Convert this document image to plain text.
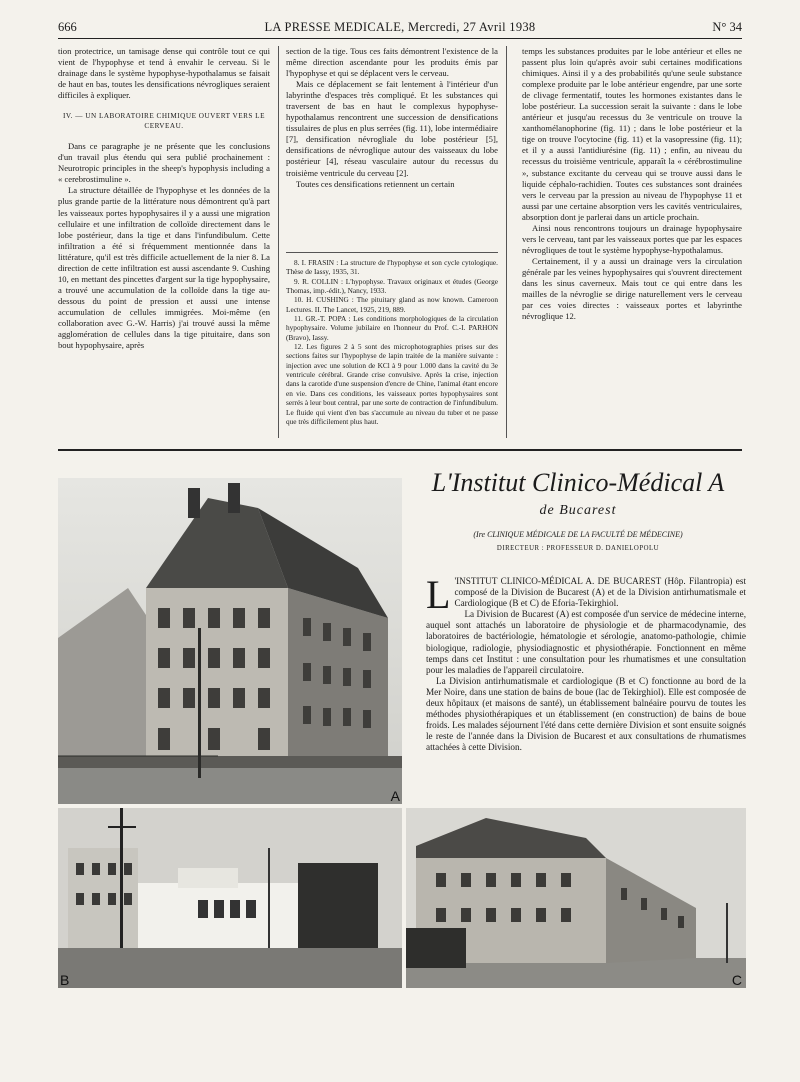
666	LA PRESSE MEDICALE, Mercredi, 27 Avril 1938	N° 34

tion protectrice, un tamisage dense qui contrôle tout ce qui vient de l'hypophyse et tend à envahir le cerveau. Si le drainage dans le système hypophyse-hypothalamus se faisait de haut en bas, toutes les densifications névrogliques seraient difficiles à expliquer.

IV. — UN LABORATOIRE CHIMIQUE OUVERT VERS LE CERVEAU.

Dans ce paragraphe je ne présente que les conclusions d'un travail plus étendu qui sera publié prochainement : Neurotropic principles in the sheep's hypophysis including a « cerebrostimuline ».

La structure détaillée de l'hypophyse et les données de la plus grande partie de la littérature nous démontrent qu'à part les vaisseaux portes hypophysaires il y a aussi une migration cellulaire et une infiltration de colloïde directement dans le lobe postérieur, dans la tige et dans l'infundibulum. Cette infiltration a été si fréquemment mentionnée dans la littérature, qu'il est très difficile actuellement de la nier 8. La direction de cette infiltration est aussi ascendante 9. Cushing 10, en mettant des pincettes d'argent sur la tige hypophysaire, a trouvé une accumulation de la colloïde dans la tige au-dessous du point de pression et aussi une intense accumulation de cellules immigrées. Moi-même (en collaboration avec G.-W. Harris) j'ai trouvé aussi la même agglomération de cellules dans la tige pituitaire, dans son bout hypophysaire, après

section de la tige. Tous ces faits démontrent l'existence de la même direction ascendante pour les produits émis par l'hypophyse et qui se déplacent vers le cerveau.

Mais ce déplacement se fait lentement à l'intérieur d'un labyrinthe d'espaces très compliqué. Et les substances qui traversent de bas en haut le complexus hypophyse-hypothalamus rencontrent une succession de densifications tissulaires de plus en plus serrées (fig. 11), lobe intermédiaire [7], densification névrogliale du lobe postérieur [5], densifications de névroglique autour des vaisseaux du lobe postérieur [4], réseau vasculaire autour du recessus du troisième ventricule du cerveau [2].

Toutes ces densifications retiennent un certain

8. I. FRASIN : La structure de l'hypophyse et son cycle cytologique. Thèse de Iassy, 1935, 31.

9. R. COLLIN : L'hypophyse. Travaux originaux et études (George Thomas, imp.-édit.), Nancy, 1933.

10. H. CUSHING : The pituitary gland as now known. Cameroon Lectures. II. The Lancet, 1925, 219, 889.

11. GR.-T. POPA : Les conditions morphologiques de la circulation hypophysaire. Volume jubilaire en l'honneur du Prof. C.-I. PARHON (Bravo), Iassy.

12. Les figures 2 à 5 sont des microphotographies prises sur des sections faites sur l'hypophyse de lapin traitée de la manière suivante : injection avec une solution de KCl à 9 pour 1.000 dans la cavité du 3e ventricule cérébral. Grande crise convulsive. Après la crise, injection dans la carotide d'une suspension d'encre de Chine, l'animal étant encore en vie. Dans ces conditions, les vaisseaux portes hypophysaires sont serrés à leur bout central, par une sorte de contraction de l'infundibulum. Le fluide qui vient d'en bas s'accumule au niveau du tuber et ne passe que très difficilement plus haut.

temps les substances produites par le lobe antérieur et elles ne passent plus loin qu'après avoir subi certaines modifications chimiques. Ainsi il y a des probabilités qu'une seule substance complexe produite par le lobe antérieur engendre, par une sorte de clivage fermentatif, toutes les hormones existantes dans le lobe postérieur. La succession serait la suivante : dans le lobe antérieur et jusqu'au recessus du 3e ventricule on trouve la xanthomélanophorine (fig. 11) ; dans le lobe postérieur et la tige on trouve l'ocytocine (fig. 11) et la vasopressine (fig. 11); et il y a aussi l'antidiurésine (fig. 11) ; enfin, au niveau du recessus du troisième ventricule, apparaît la « cérébrostimuline », substance excitante du cerveau qui se trouve aussi dans le liquide céphalo-rachidien. Toutes ces substances sont drainées vers le cerveau par la pression au niveau de l'hypophyse 11 et aussi par une certaine absorption vers les cavités ventriculaires, absorption dont je parlerai dans un article prochain.

Ainsi nous rencontrons toujours un drainage hypophysaire vers le cerveau, tant par les vaisseaux portes que par les espaces névrogliques de tout le système hypophyse-hypothalamus.

Certainement, il y a aussi un drainage vers la circulation générale par les veines hypophysaires qui s'ouvrent directement dans les sinus caverneux. Mais tout ce qui entre dans les mailles de la névroglie se dirige naturellement vers le cerveau par ces voies directes : vaisseaux portes et labyrinthe névroglique 12.

L'Institut Clinico-Médical A
de Bucarest
(Ire CLINIQUE MÉDICALE DE LA FACULTÉ DE MÉDECINE)
DIRECTEUR : PROFESSEUR D. DANIELOPOLU

L 'INSTITUT CLINICO-MÉDICAL A. DE BUCAREST (Hôp. Filantropia) est composé de la Division de Bucarest (A) et de la Division antirhumatismale et Cardiologique (B et C) de Eforia-Tekirghiol.

La Division de Bucarest (A) est composée d'un service de médecine interne, auquel sont attachés un laboratoire de physiologie et de pharmacodynamie, des laboratoires de bactériologie, hématologie et sérologie, anatomo-pathologie, chimie biologique, radiologie, physiodiagnostic et physiothérapie. Fonctionnent en même temps dans cet Institut : une consultation pour les rhumatismes et une consultation pour les maladies de l'appareil circulatoire.

La Division antirhumatismale et cardiologique (B et C) fonctionne au bord de la Mer Noire, dans une station de bains de boue (lac de Tekirghiol). Elle est composée de deux hôpitaux (et maisons de santé), un établissement balnéaire pourvu de toutes les méthodes physiothérapiques et un établissement (en construction) de bains de boue froids. Les malades séjournent l'été dans cette dernière Division et sont ensuite soignés le reste de l'année dans la Division de Bucarest et aux consultations de rhumatismes attachées à cette Division.

A
B	C
